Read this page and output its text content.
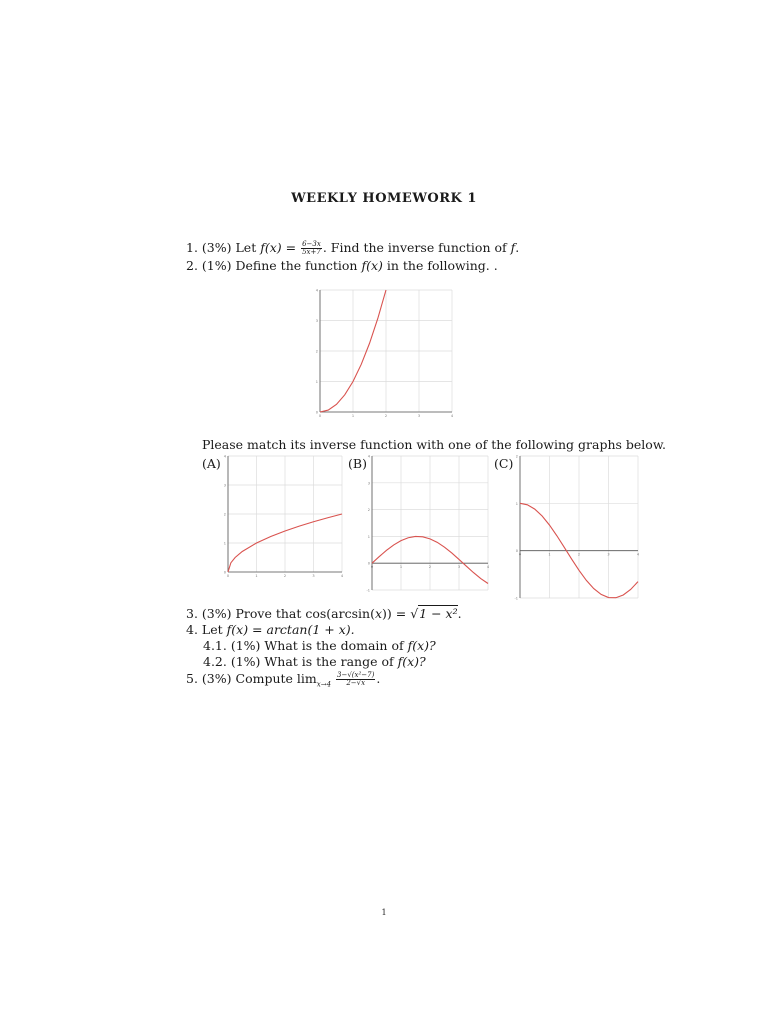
WEEKLY HOMEWORK 1
1. (3%) Let $f(x) = \frac{6-3x}{5x+7}$ . Find the inverse function of f.
2. (1%) Define the function f(x) in the following. .
0	1	2	3	4
0
1
2
3
4
Please match its inverse function with one of the following graphs below.
(A)	(B)	(C)
0	1	2	3	4
0
1
2
3
4
0	1	2	3	4
-1
0
1
2
3
4
0	1	2	3	4
-1
0
1
2
3. (3%) Prove that cos(arcsin(x)) = √1 − x².
4. Let f(x) = arctan(1 + x).
4.1. (1%) What is the domain of f(x)?
4.2. (1%) What is the range of f(x)?
5. (3%) Compute $\lim_{x\to 4} \frac{\text{3−√(x²−7)}}{2-√x}$ .
1
